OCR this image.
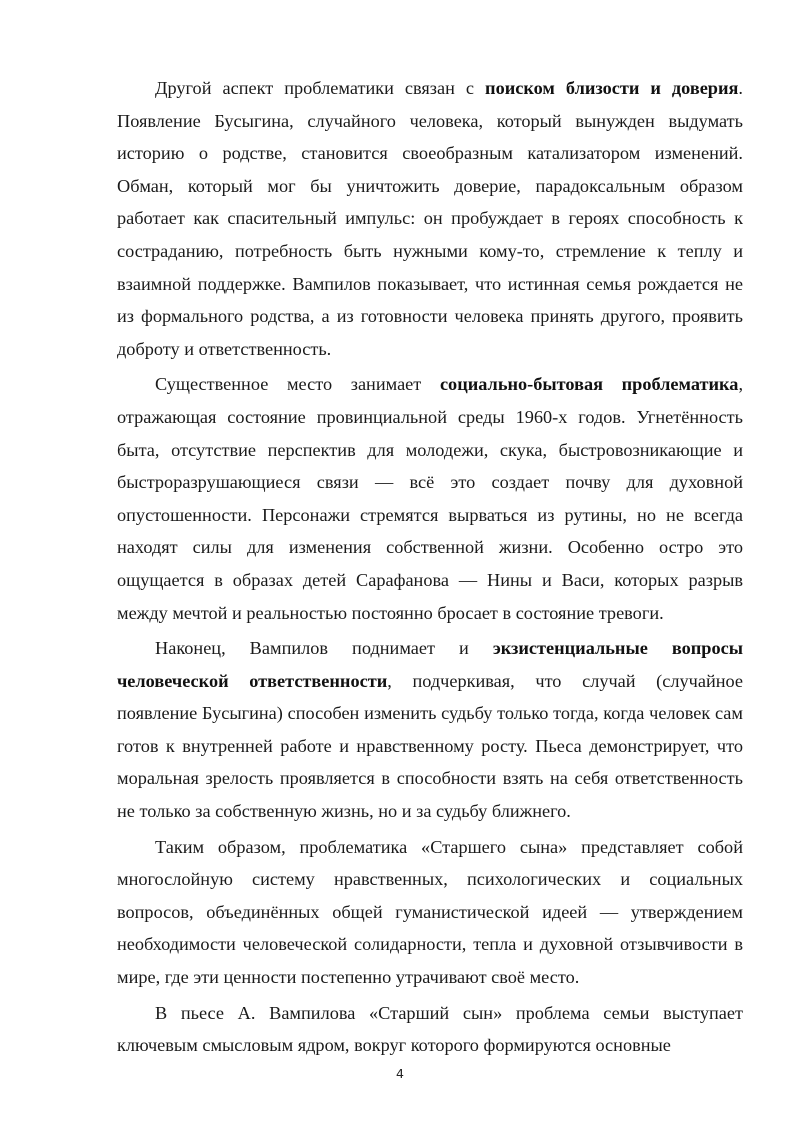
Другой аспект проблематики связан с поиском близости и доверия. Появление Бусыгина, случайного человека, который вынужден выдумать историю о родстве, становится своеобразным катализатором изменений. Обман, который мог бы уничтожить доверие, парадоксальным образом работает как спасительный импульс: он пробуждает в героях способность к состраданию, потребность быть нужными кому-то, стремление к теплу и взаимной поддержке. Вампилов показывает, что истинная семья рождается не из формального родства, а из готовности человека принять другого, проявить доброту и ответственность.

Существенное место занимает социально-бытовая проблематика, отражающая состояние провинциальной среды 1960-х годов. Угнетённость быта, отсутствие перспектив для молодежи, скука, быстровозникающие и быстроразрушающиеся связи — всё это создает почву для духовной опустошенности. Персонажи стремятся вырваться из рутины, но не всегда находят силы для изменения собственной жизни. Особенно остро это ощущается в образах детей Сарафанова — Нины и Васи, которых разрыв между мечтой и реальностью постоянно бросает в состояние тревоги.

Наконец, Вампилов поднимает и экзистенциальные вопросы человеческой ответственности, подчеркивая, что случай (случайное появление Бусыгина) способен изменить судьбу только тогда, когда человек сам готов к внутренней работе и нравственному росту. Пьеса демонстрирует, что моральная зрелость проявляется в способности взять на себя ответственность не только за собственную жизнь, но и за судьбу ближнего.

Таким образом, проблематика «Старшего сына» представляет собой многослойную систему нравственных, психологических и социальных вопросов, объединённых общей гуманистической идеей — утверждением необходимости человеческой солидарности, тепла и духовной отзывчивости в мире, где эти ценности постепенно утрачивают своё место.

В пьесе А. Вампилова «Старший сын» проблема семьи выступает ключевым смысловым ядром, вокруг которого формируются основные

4
